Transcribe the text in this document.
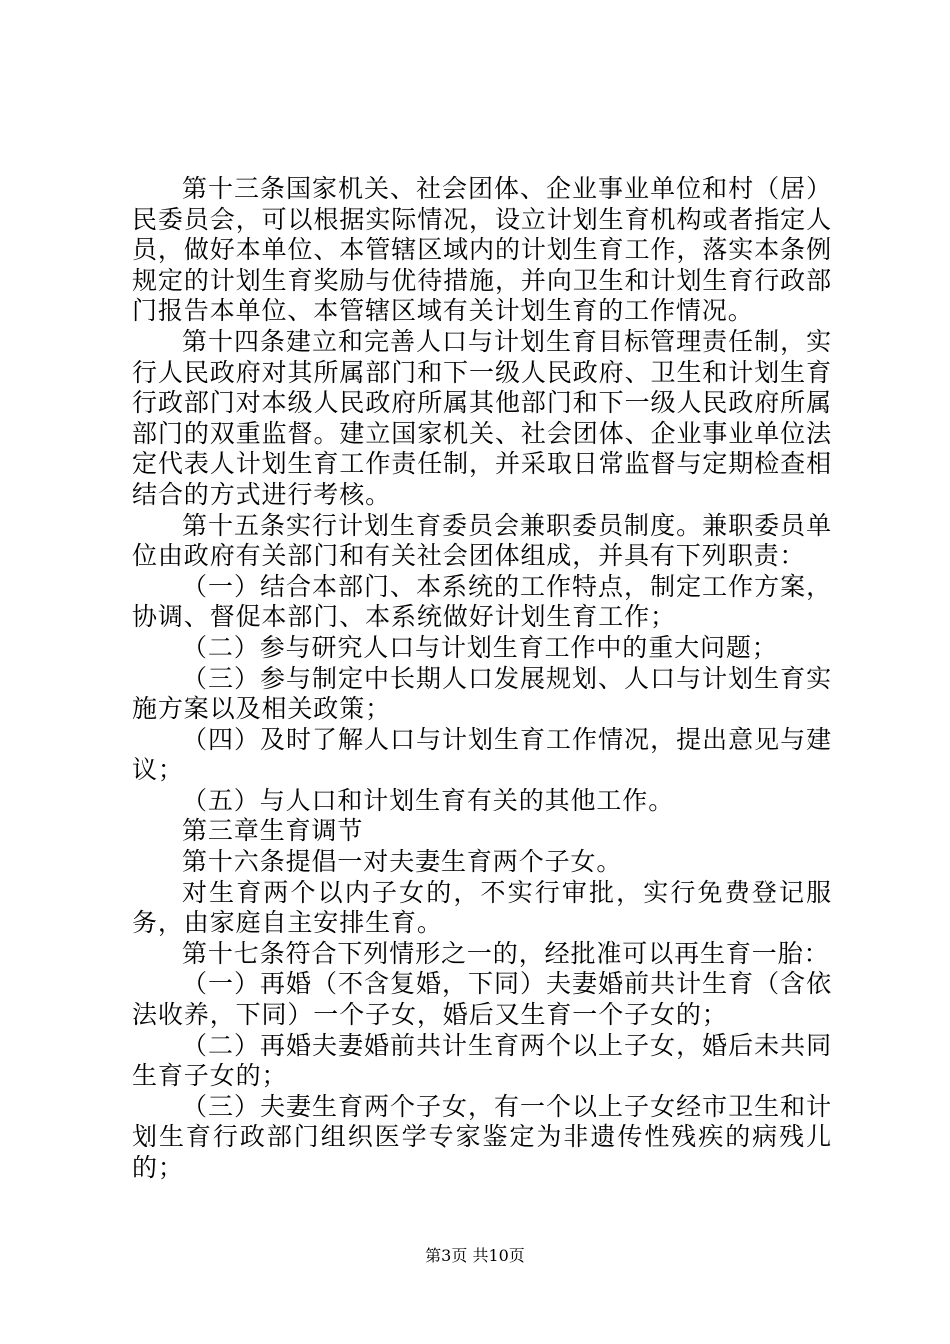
第十三条国家机关、社会团体、企业事业单位和村（居）民委员会，可以根据实际情况，设立计划生育机构或者指定人员，做好本单位、本管辖区域内的计划生育工作，落实本条例规定的计划生育奖励与优待措施，并向卫生和计划生育行政部门报告本单位、本管辖区域有关计划生育的工作情况。

第十四条建立和完善人口与计划生育目标管理责任制，实行人民政府对其所属部门和下一级人民政府、卫生和计划生育行政部门对本级人民政府所属其他部门和下一级人民政府所属部门的双重监督。建立国家机关、社会团体、企业事业单位法定代表人计划生育工作责任制，并采取日常监督与定期检查相结合的方式进行考核。

第十五条实行计划生育委员会兼职委员制度。兼职委员单位由政府有关部门和有关社会团体组成，并具有下列职责：

（一）结合本部门、本系统的工作特点，制定工作方案，协调、督促本部门、本系统做好计划生育工作；

（二）参与研究人口与计划生育工作中的重大问题；

（三）参与制定中长期人口发展规划、人口与计划生育实施方案以及相关政策；

（四）及时了解人口与计划生育工作情况，提出意见与建议；

（五）与人口和计划生育有关的其他工作。

第三章生育调节

第十六条提倡一对夫妻生育两个子女。

对生育两个以内子女的，不实行审批，实行免费登记服务，由家庭自主安排生育。

第十七条符合下列情形之一的，经批准可以再生育一胎：

（一）再婚（不含复婚，下同）夫妻婚前共计生育（含依法收养，下同）一个子女，婚后又生育一个子女的；

（二）再婚夫妻婚前共计生育两个以上子女，婚后未共同生育子女的；

（三）夫妻生育两个子女，有一个以上子女经市卫生和计划生育行政部门组织医学专家鉴定为非遗传性残疾的病残儿的；

第3页 共10页
